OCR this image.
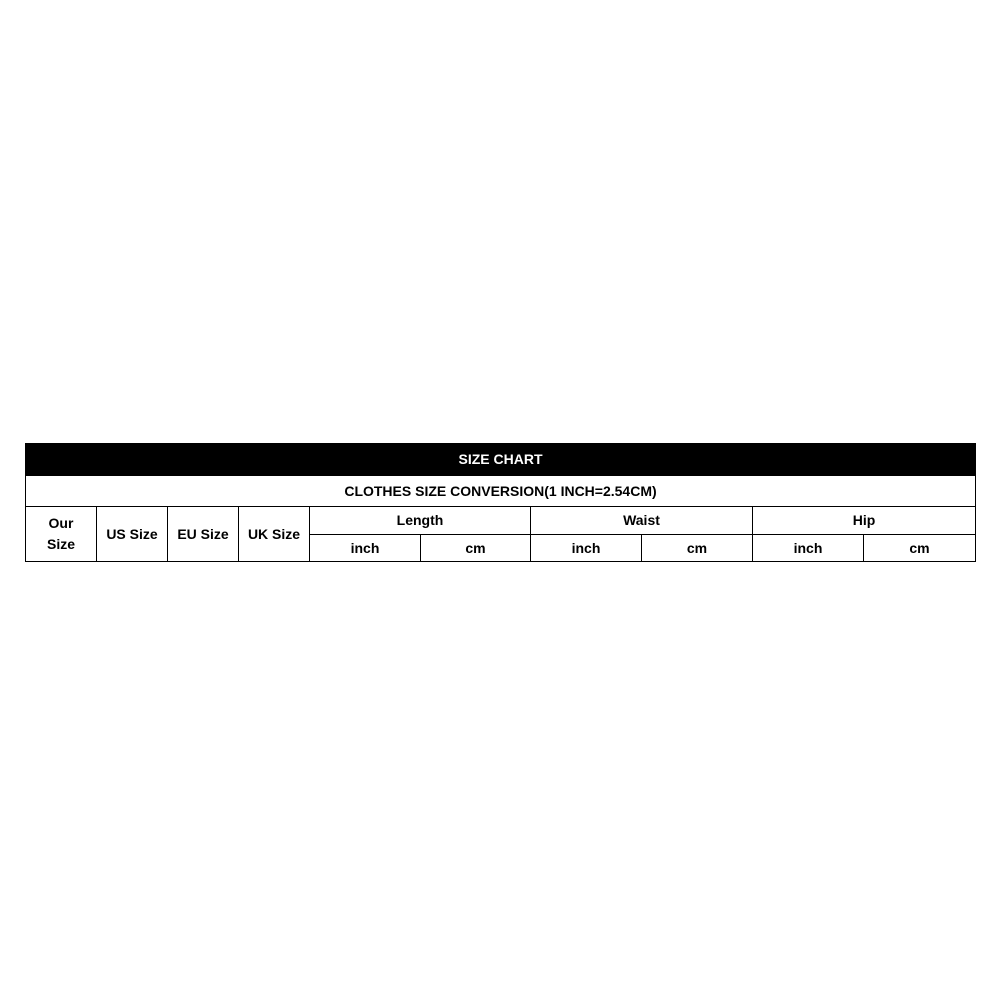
SIZE CHART									
CLOTHES SIZE CONVERSION(1 INCH=2.54CM)									
Our Size	US Size	EU Size	UK Size	Length		Waist		Hip	
				inch	cm	inch	cm	inch	cm
